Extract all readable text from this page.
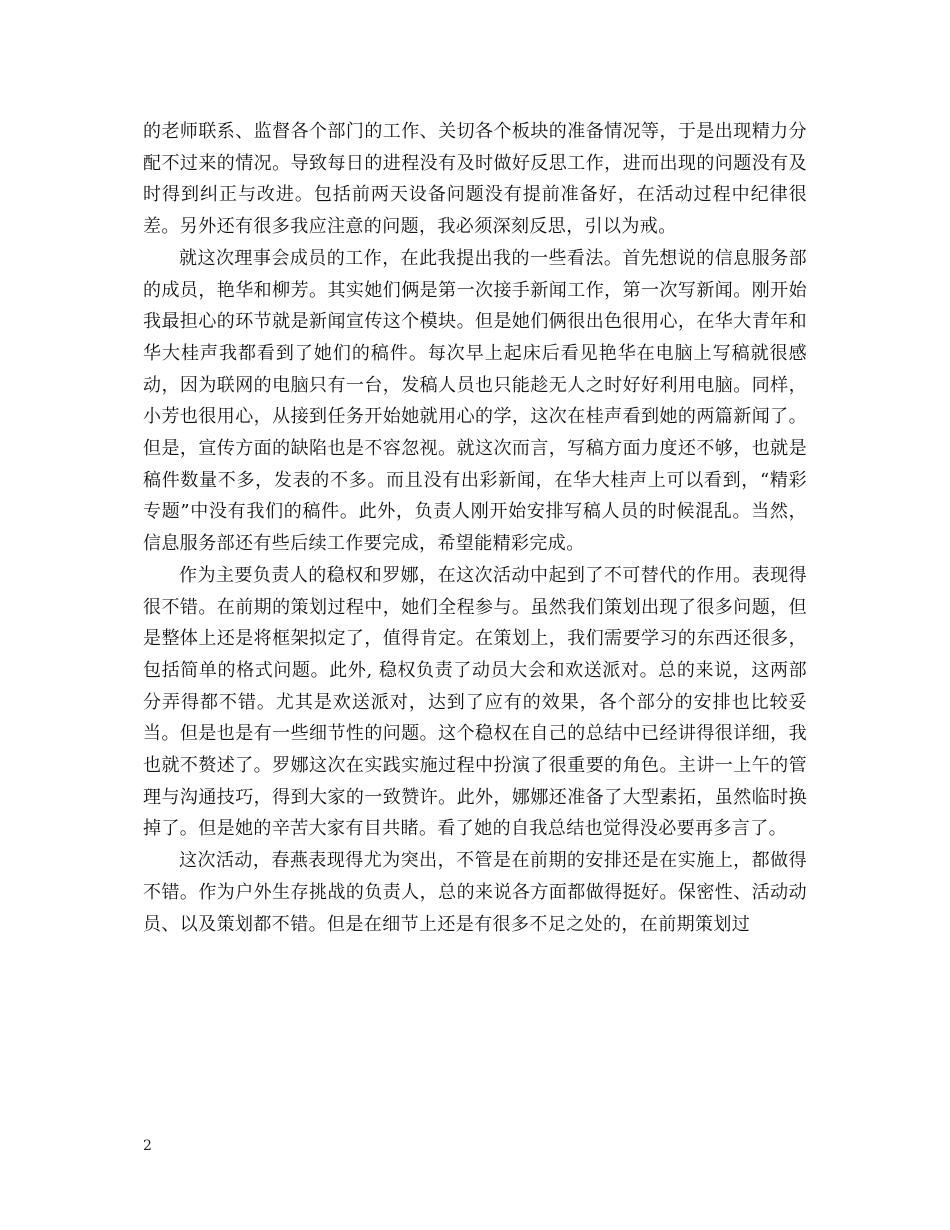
的老师联系、监督各个部门的工作、关切各个板块的准备情况等，于是出现精力分配不过来的情况。导致每日的进程没有及时做好反思工作，进而出现的问题没有及时得到纠正与改进。包括前两天设备问题没有提前准备好，在活动过程中纪律很差。另外还有很多我应注意的问题，我必须深刻反思，引以为戒。

就这次理事会成员的工作，在此我提出我的一些看法。首先想说的信息服务部的成员，艳华和柳芳。其实她们俩是第一次接手新闻工作，第一次写新闻。刚开始我最担心的环节就是新闻宣传这个模块。但是她们俩很出色很用心，在华大青年和华大桂声我都看到了她们的稿件。每次早上起床后看见艳华在电脑上写稿就很感动，因为联网的电脑只有一台，发稿人员也只能趁无人之时好好利用电脑。同样，小芳也很用心，从接到任务开始她就用心的学，这次在桂声看到她的两篇新闻了。但是，宣传方面的缺陷也是不容忽视。就这次而言，写稿方面力度还不够，也就是稿件数量不多，发表的不多。而且没有出彩新闻，在华大桂声上可以看到，“精彩专题”中没有我们的稿件。此外，负责人刚开始安排写稿人员的时候混乱。当然，信息服务部还有些后续工作要完成，希望能精彩完成。

作为主要负责人的稳权和罗娜，在这次活动中起到了不可替代的作用。表现得很不错。在前期的策划过程中，她们全程参与。虽然我们策划出现了很多问题，但是整体上还是将框架拟定了，值得肯定。在策划上，我们需要学习的东西还很多，包括简单的格式问题。此外, 稳权负责了动员大会和欢送派对。总的来说，这两部分弄得都不错。尤其是欢送派对，达到了应有的效果，各个部分的安排也比较妥当。但是也是有一些细节性的问题。这个稳权在自己的总结中已经讲得很详细，我也就不赘述了。罗娜这次在实践实施过程中扮演了很重要的角色。主讲一上午的管理与沟通技巧，得到大家的一致赞许。此外，娜娜还准备了大型素拓，虽然临时换掉了。但是她的辛苦大家有目共睹。看了她的自我总结也觉得没必要再多言了。

这次活动，春燕表现得尤为突出，不管是在前期的安排还是在实施上，都做得不错。作为户外生存挑战的负责人，总的来说各方面都做得挺好。保密性、活动动员、以及策划都不错。但是在细节上还是有很多不足之处的，在前期策划过

2
